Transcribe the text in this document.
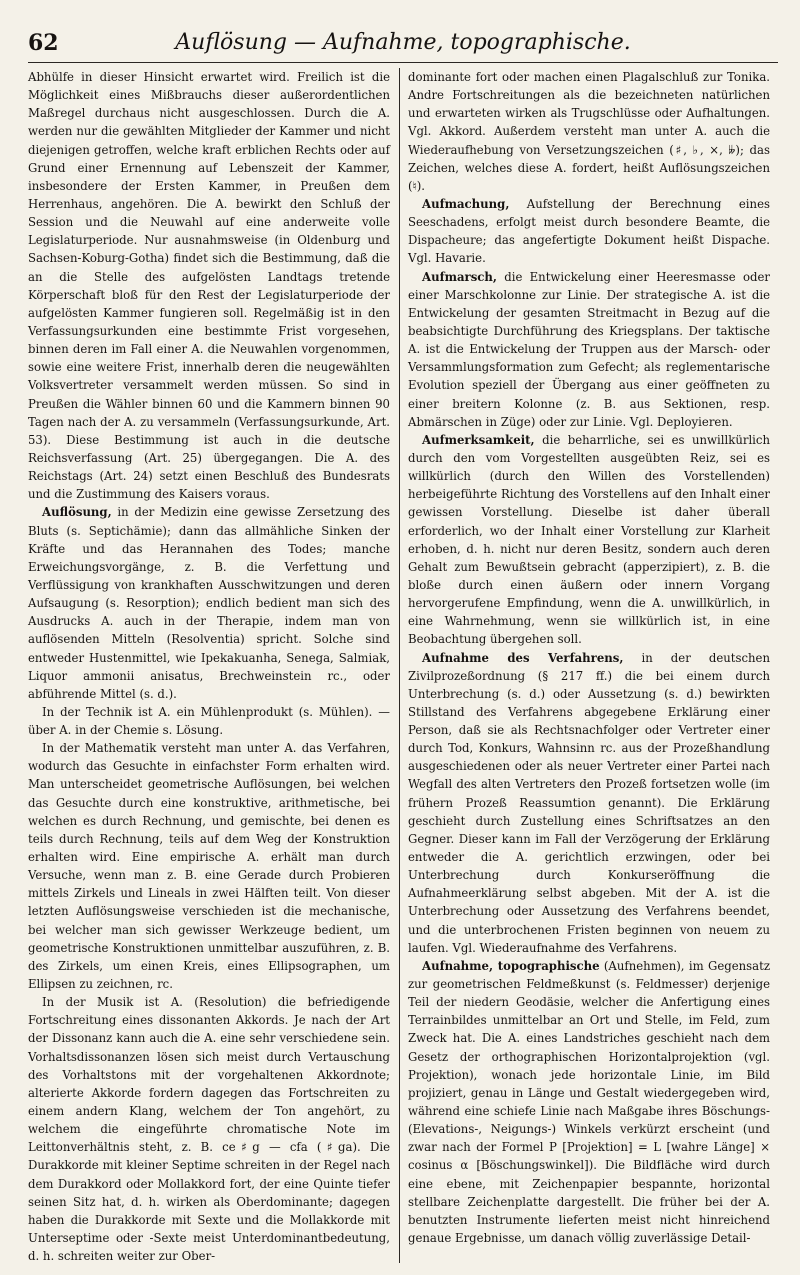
62	Auflösung — Aufnahme, topographische.

Abhülfe in dieser Hinsicht erwartet wird. Freilich ist die Möglichkeit eines Mißbrauchs dieser außerordentlichen Maßregel durchaus nicht ausgeschlossen. Durch die A. werden nur die gewählten Mitglieder der Kammer und nicht diejenigen getroffen, welche kraft erblichen Rechts oder auf Grund einer Ernennung auf Lebenszeit der Kammer, insbesondere der Ersten Kammer, in Preußen dem Herrenhaus, angehören. Die A. bewirkt den Schluß der Session und die Neuwahl auf eine anderweite volle Legislaturperiode. Nur ausnahmsweise (in Oldenburg und Sachsen-Koburg-Gotha) findet sich die Bestimmung, daß die an die Stelle des aufgelösten Landtags tretende Körperschaft bloß für den Rest der Legislaturperiode der aufgelösten Kammer fungieren soll. Regelmäßig ist in den Verfassungsurkunden eine bestimmte Frist vorgesehen, binnen deren im Fall einer A. die Neuwahlen vorgenommen, sowie eine weitere Frist, innerhalb deren die neugewählten Volksvertreter versammelt werden müssen. So sind in Preußen die Wähler binnen 60 und die Kammern binnen 90 Tagen nach der A. zu versammeln (Verfassungsurkunde, Art. 53). Diese Bestimmung ist auch in die deutsche Reichsverfassung (Art. 25) übergegangen. Die A. des Reichstags (Art. 24) setzt einen Beschluß des Bundesrats und die Zustimmung des Kaisers voraus.

Auflösung, in der Medizin eine gewisse Zersetzung des Bluts (s. Septichämie); dann das allmähliche Sinken der Kräfte und das Herannahen des Todes; manche Erweichungsvorgänge, z. B. die Verfettung und Verflüssigung von krankhaften Ausschwitzungen und deren Aufsaugung (s. Resorption); endlich bedient man sich des Ausdrucks A. auch in der Therapie, indem man von auflösenden Mitteln (Resolventia) spricht. Solche sind entweder Hustenmittel, wie Ipekakuanha, Senega, Salmiak, Liquor ammonii anisatus, Brechweinstein rc., oder abführende Mittel (s. d.).

In der Technik ist A. ein Mühlenprodukt (s. Mühlen). — über A. in der Chemie s. Lösung.

In der Mathematik versteht man unter A. das Verfahren, wodurch das Gesuchte in einfachster Form erhalten wird. Man unterscheidet geometrische Auflösungen, bei welchen das Gesuchte durch eine konstruktive, arithmetische, bei welchen es durch Rechnung, und gemischte, bei denen es teils durch Rechnung, teils auf dem Weg der Konstruktion erhalten wird. Eine empirische A. erhält man durch Versuche, wenn man z. B. eine Gerade durch Probieren mittels Zirkels und Lineals in zwei Hälften teilt. Von dieser letzten Auflösungsweise verschieden ist die mechanische, bei welcher man sich gewisser Werkzeuge bedient, um geometrische Konstruktionen unmittelbar auszuführen, z. B. des Zirkels, um einen Kreis, eines Ellipsographen, um Ellipsen zu zeichnen, rc.

In der Musik ist A. (Resolution) die befriedigende Fortschreitung eines dissonanten Akkords. Je nach der Art der Dissonanz kann auch die A. eine sehr verschiedene sein. Vorhaltsdissonanzen lösen sich meist durch Vertauschung des Vorhaltstons mit der vorgehaltenen Akkordnote; alterierte Akkorde fordern dagegen das Fortschreiten zu einem andern Klang, welchem der Ton angehört, zu welchem die eingeführte chromatische Note im Leittonverhältnis steht, z. B. ce♯g — cfa (♯ga). Die Durakkorde mit kleiner Septime schreiten in der Regel nach dem Durakkord oder Mollakkord fort, der eine Quinte tiefer seinen Sitz hat, d. h. wirken als Oberdominante; dagegen haben die Durakkorde mit Sexte und die Mollakkorde mit Unterseptime oder -Sexte meist Unterdominantbedeutung, d. h. schreiten weiter zur Ober-

dominante fort oder machen einen Plagalschluß zur Tonika. Andre Fortschreitungen als die bezeichneten natürlichen und erwarteten wirken als Trugschlüsse oder Aufhaltungen. Vgl. Akkord. Außerdem versteht man unter A. auch die Wiederaufhebung von Versetzungszeichen (♯, ♭, ×, 𝄫); das Zeichen, welches diese A. fordert, heißt Auflösungszeichen (♮).

Aufmachung, Aufstellung der Berechnung eines Seeschadens, erfolgt meist durch besondere Beamte, die Dispacheure; das angefertigte Dokument heißt Dispache. Vgl. Havarie.

Aufmarsch, die Entwickelung einer Heeresmasse oder einer Marschkolonne zur Linie. Der strategische A. ist die Entwickelung der gesamten Streitmacht in Bezug auf die beabsichtigte Durchführung des Kriegsplans. Der taktische A. ist die Entwickelung der Truppen aus der Marsch- oder Versammlungsformation zum Gefecht; als reglementarische Evolution speziell der Übergang aus einer geöffneten zu einer breitern Kolonne (z. B. aus Sektionen, resp. Abmärschen in Züge) oder zur Linie. Vgl. Deployieren.

Aufmerksamkeit, die beharrliche, sei es unwillkürlich durch den vom Vorgestellten ausgeübten Reiz, sei es willkürlich (durch den Willen des Vorstellenden) herbeigeführte Richtung des Vorstellens auf den Inhalt einer gewissen Vorstellung. Dieselbe ist daher überall erforderlich, wo der Inhalt einer Vorstellung zur Klarheit erhoben, d. h. nicht nur deren Besitz, sondern auch deren Gehalt zum Bewußtsein gebracht (apperzipiert), z. B. die bloße durch einen äußern oder innern Vorgang hervorgerufene Empfindung, wenn die A. unwillkürlich, in eine Wahrnehmung, wenn sie willkürlich ist, in eine Beobachtung übergehen soll.

Aufnahme des Verfahrens, in der deutschen Zivilprozeßordnung (§ 217 ff.) die bei einem durch Unterbrechung (s. d.) oder Aussetzung (s. d.) bewirkten Stillstand des Verfahrens abgegebene Erklärung einer Person, daß sie als Rechtsnachfolger oder Vertreter einer durch Tod, Konkurs, Wahnsinn rc. aus der Prozeßhandlung ausgeschiedenen oder als neuer Vertreter einer Partei nach Wegfall des alten Vertreters den Prozeß fortsetzen wolle (im frühern Prozeß Reassumtion genannt). Die Erklärung geschieht durch Zustellung eines Schriftsatzes an den Gegner. Dieser kann im Fall der Verzögerung der Erklärung entweder die A. gerichtlich erzwingen, oder bei Unterbrechung durch Konkurseröffnung die Aufnahmeerklärung selbst abgeben. Mit der A. ist die Unterbrechung oder Aussetzung des Verfahrens beendet, und die unterbrochenen Fristen beginnen von neuem zu laufen. Vgl. Wiederaufnahme des Verfahrens.

Aufnahme, topographische (Aufnehmen), im Gegensatz zur geometrischen Feldmeßkunst (s. Feldmesser) derjenige Teil der niedern Geodäsie, welcher die Anfertigung eines Terrainbildes unmittelbar an Ort und Stelle, im Feld, zum Zweck hat. Die A. eines Landstriches geschieht nach dem Gesetz der orthographischen Horizontalprojektion (vgl. Projektion), wonach jede horizontale Linie, im Bild projiziert, genau in Länge und Gestalt wiedergegeben wird, während eine schiefe Linie nach Maßgabe ihres Böschungs- (Elevations-, Neigungs-) Winkels verkürzt erscheint (und zwar nach der Formel P [Projektion] = L [wahre Länge] × cosinus α [Böschungswinkel]). Die Bildfläche wird durch eine ebene, mit Zeichenpapier bespannte, horizontal stellbare Zeichenplatte dargestellt. Die früher bei der A. benutzten Instrumente lieferten meist nicht hinreichend genaue Ergebnisse, um danach völlig zuverlässige Detail-
